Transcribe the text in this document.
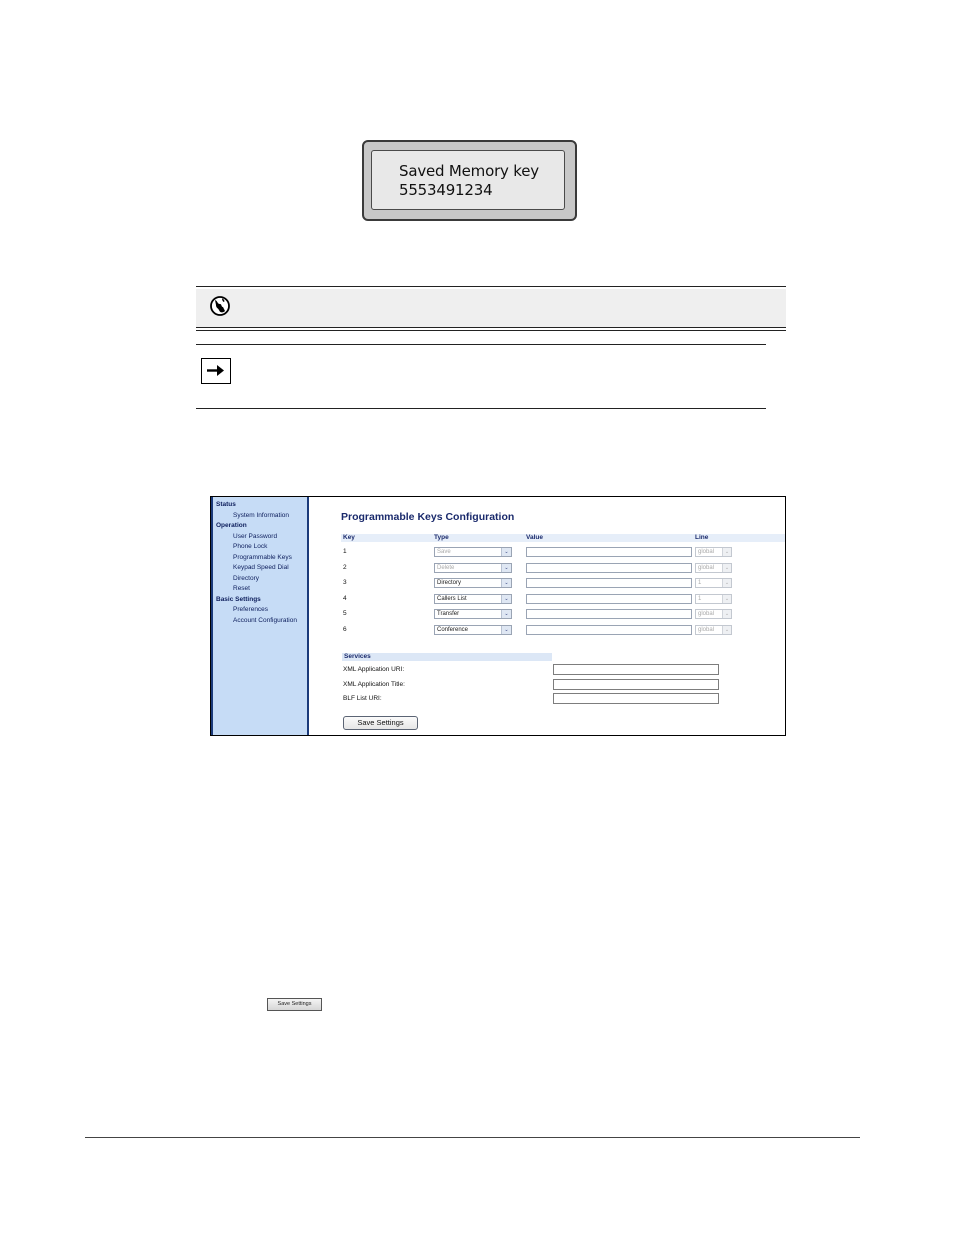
Saved Memory key
5553491234
Status
System Information
Operation
User Password
Phone Lock
Programmable Keys
Keypad Speed Dial
Directory
Reset
Basic Settings
Preferences
Account Configuration
Programmable Keys Configuration
Key	Type	Value	Line
1	Save	⌄	global	⌄
2	Delete	⌄	global	⌄
3	Directory	⌄	1	⌄
4	Callers List	⌄	1	⌄
5	Transfer	⌄	global	⌄
6	Conference	⌄	global	⌄
Services
XML Application URI:
XML Application Title:
BLF List URI:
Save Settings
Save Settings
